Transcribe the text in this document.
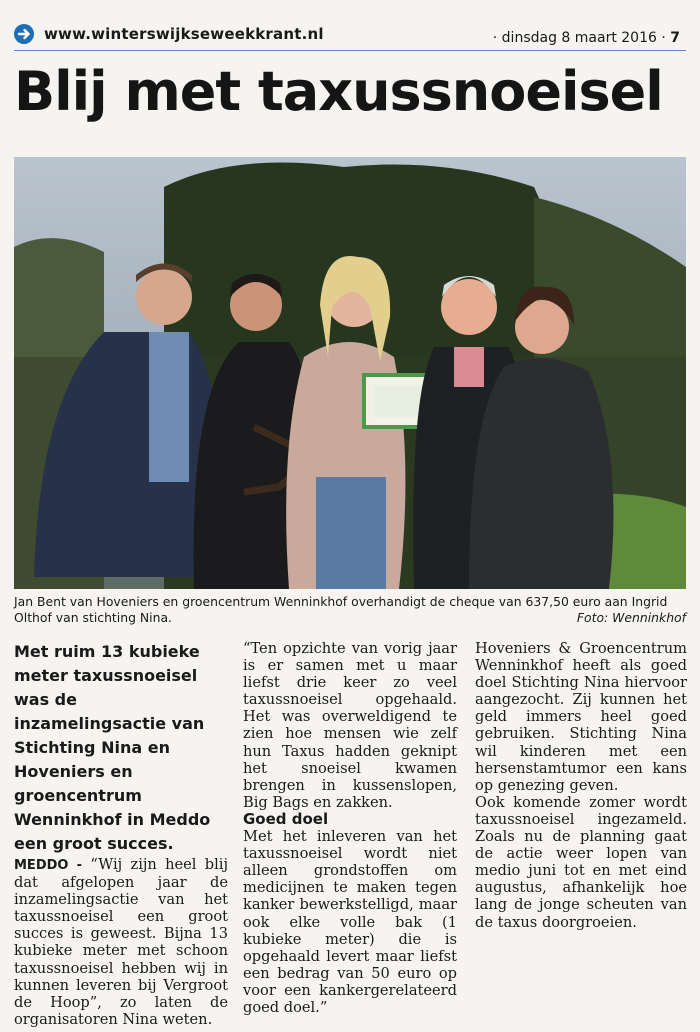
www.winterswijkseweekkrant.nl	· dinsdag 8 maart 2016 · 7
Blij met taxussnoeisel
Jan Bent van Hoveniers en groencentrum Wenninkhof overhandigt de cheque van 637,50 euro aan Ingrid Olthof van stichting Nina.	Foto: Wenninkhof

Met ruim 13 kubieke meter taxussnoeisel was de inzamelingsactie van Stichting Nina en Hoveniers en groencentrum Wenninkhof in Meddo een groot succes.

MEDDO - “Wij zijn heel blij dat afgelopen jaar de inzamelingsactie van het taxussnoeisel een groot succes is geweest. Bijna 13 kubieke meter met schoon taxussnoeisel hebben wij in kunnen leveren bij Vergroot de Hoop”, zo laten de organisatoren Nina weten.

“Ten opzichte van vorig jaar is er samen met u maar liefst drie keer zo veel taxussnoeisel opgehaald. Het was overweldigend te zien hoe mensen wie zelf hun Taxus hadden geknipt het snoeisel kwamen brengen in kussenslopen, Big Bags en zakken.

Goed doel

Met het inleveren van het taxussnoeisel wordt niet alleen grondstoffen om medicijnen te maken tegen kanker bewerkstelligd, maar ook elke volle bak (1 kubieke meter) die is opgehaald levert maar liefst een bedrag van 50 euro op voor een kankergerelateerd goed doel.”

Hoveniers & Groencentrum Wenninkhof heeft als goed doel Stichting Nina hiervoor aangezocht. Zij kunnen het geld immers heel goed gebruiken. Stichting Nina wil kinderen met een hersenstamtumor een kans op genezing geven.

Ook komende zomer wordt taxussnoeisel ingezameld. Zoals nu de planning gaat de actie weer lopen van medio juni tot en met eind augustus, afhankelijk hoe lang de jonge scheuten van de taxus doorgroeien.
